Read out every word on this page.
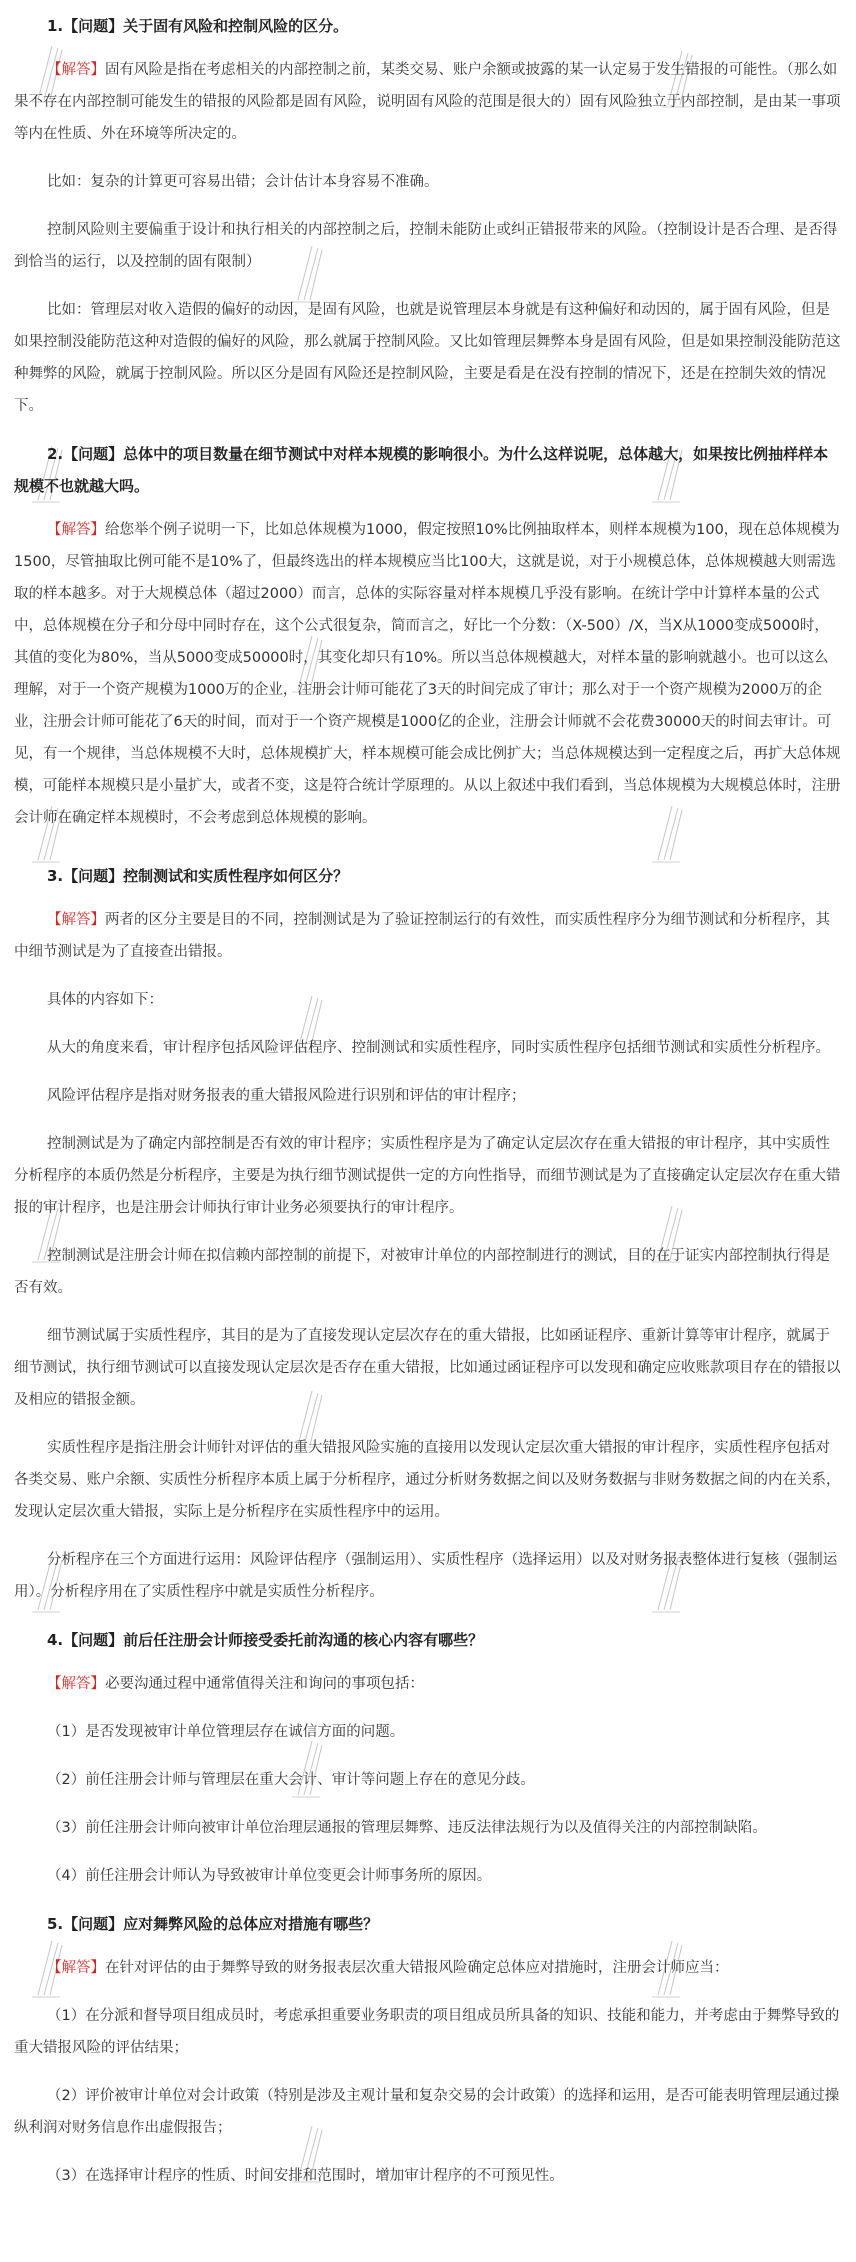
1.【问题】关于固有风险和控制风险的区分。

【解答】固有风险是指在考虑相关的内部控制之前，某类交易、账户余额或披露的某一认定易于发生错报的可能性。（那么如果不存在内部控制可能发生的错报的风险都是固有风险，说明固有风险的范围是很大的）固有风险独立于内部控制，是由某一事项等内在性质、外在环境等所决定的。

比如：复杂的计算更可容易出错；会计估计本身容易不准确。

控制风险则主要偏重于设计和执行相关的内部控制之后，控制未能防止或纠正错报带来的风险。（控制设计是否合理、是否得到恰当的运行，以及控制的固有限制）

比如：管理层对收入造假的偏好的动因，是固有风险，也就是说管理层本身就是有这种偏好和动因的，属于固有风险，但是如果控制没能防范这种对造假的偏好的风险，那么就属于控制风险。又比如管理层舞弊本身是固有风险，但是如果控制没能防范这种舞弊的风险，就属于控制风险。所以区分是固有风险还是控制风险，主要是看是在没有控制的情况下，还是在控制失效的情况下。

2.【问题】总体中的项目数量在细节测试中对样本规模的影响很小。为什么这样说呢，总体越大，如果按比例抽样样本规模不也就越大吗。

【解答】给您举个例子说明一下，比如总体规模为1000，假定按照10%比例抽取样本，则样本规模为100，现在总体规模为1500，尽管抽取比例可能不是10%了，但最终选出的样本规模应当比100大，这就是说，对于小规模总体，总体规模越大则需选取的样本越多。对于大规模总体（超过2000）而言，总体的实际容量对样本规模几乎没有影响。在统计学中计算样本量的公式中，总体规模在分子和分母中同时存在，这个公式很复杂，简而言之，好比一个分数：（X-500）/X，当X从1000变成5000时，其值的变化为80%，当从5000变成50000时，其变化却只有10%。所以当总体规模越大，对样本量的影响就越小。也可以这么理解，对于一个资产规模为1000万的企业，注册会计师可能花了3天的时间完成了审计；那么对于一个资产规模为2000万的企业，注册会计师可能花了6天的时间，而对于一个资产规模是1000亿的企业，注册会计师就不会花费30000天的时间去审计。可见，有一个规律，当总体规模不大时，总体规模扩大，样本规模可能会成比例扩大；当总体规模达到一定程度之后，再扩大总体规模，可能样本规模只是小量扩大，或者不变，这是符合统计学原理的。从以上叙述中我们看到，当总体规模为大规模总体时，注册会计师在确定样本规模时，不会考虑到总体规模的影响。

3.【问题】控制测试和实质性程序如何区分？

【解答】两者的区分主要是目的不同，控制测试是为了验证控制运行的有效性，而实质性程序分为细节测试和分析程序，其中细节测试是为了直接查出错报。

具体的内容如下：

从大的角度来看，审计程序包括风险评估程序、控制测试和实质性程序，同时实质性程序包括细节测试和实质性分析程序。

风险评估程序是指对财务报表的重大错报风险进行识别和评估的审计程序；

控制测试是为了确定内部控制是否有效的审计程序；实质性程序是为了确定认定层次存在重大错报的审计程序，其中实质性分析程序的本质仍然是分析程序，主要是为执行细节测试提供一定的方向性指导，而细节测试是为了直接确定认定层次存在重大错报的审计程序，也是注册会计师执行审计业务必须要执行的审计程序。

控制测试是注册会计师在拟信赖内部控制的前提下，对被审计单位的内部控制进行的测试，目的在于证实内部控制执行得是否有效。

细节测试属于实质性程序，其目的是为了直接发现认定层次存在的重大错报，比如函证程序、重新计算等审计程序，就属于细节测试，执行细节测试可以直接发现认定层次是否存在重大错报，比如通过函证程序可以发现和确定应收账款项目存在的错报以及相应的错报金额。

实质性程序是指注册会计师针对评估的重大错报风险实施的直接用以发现认定层次重大错报的审计程序，实质性程序包括对各类交易、账户余额、实质性分析程序本质上属于分析程序，通过分析财务数据之间以及财务数据与非财务数据之间的内在关系，发现认定层次重大错报，实际上是分析程序在实质性程序中的运用。

分析程序在三个方面进行运用：风险评估程序（强制运用）、实质性程序（选择运用）以及对财务报表整体进行复核（强制运用）。分析程序用在了实质性程序中就是实质性分析程序。

4.【问题】前后任注册会计师接受委托前沟通的核心内容有哪些？

【解答】必要沟通过程中通常值得关注和询问的事项包括：

（1）是否发现被审计单位管理层存在诚信方面的问题。

（2）前任注册会计师与管理层在重大会计、审计等问题上存在的意见分歧。

（3）前任注册会计师向被审计单位治理层通报的管理层舞弊、违反法律法规行为以及值得关注的内部控制缺陷。

（4）前任注册会计师认为导致被审计单位变更会计师事务所的原因。

5.【问题】应对舞弊风险的总体应对措施有哪些？

【解答】在针对评估的由于舞弊导致的财务报表层次重大错报风险确定总体应对措施时，注册会计师应当：

（1）在分派和督导项目组成员时，考虑承担重要业务职责的项目组成员所具备的知识、技能和能力，并考虑由于舞弊导致的重大错报风险的评估结果；

（2）评价被审计单位对会计政策（特别是涉及主观计量和复杂交易的会计政策）的选择和运用，是否可能表明管理层通过操纵利润对财务信息作出虚假报告；

（3）在选择审计程序的性质、时间安排和范围时，增加审计程序的不可预见性。
